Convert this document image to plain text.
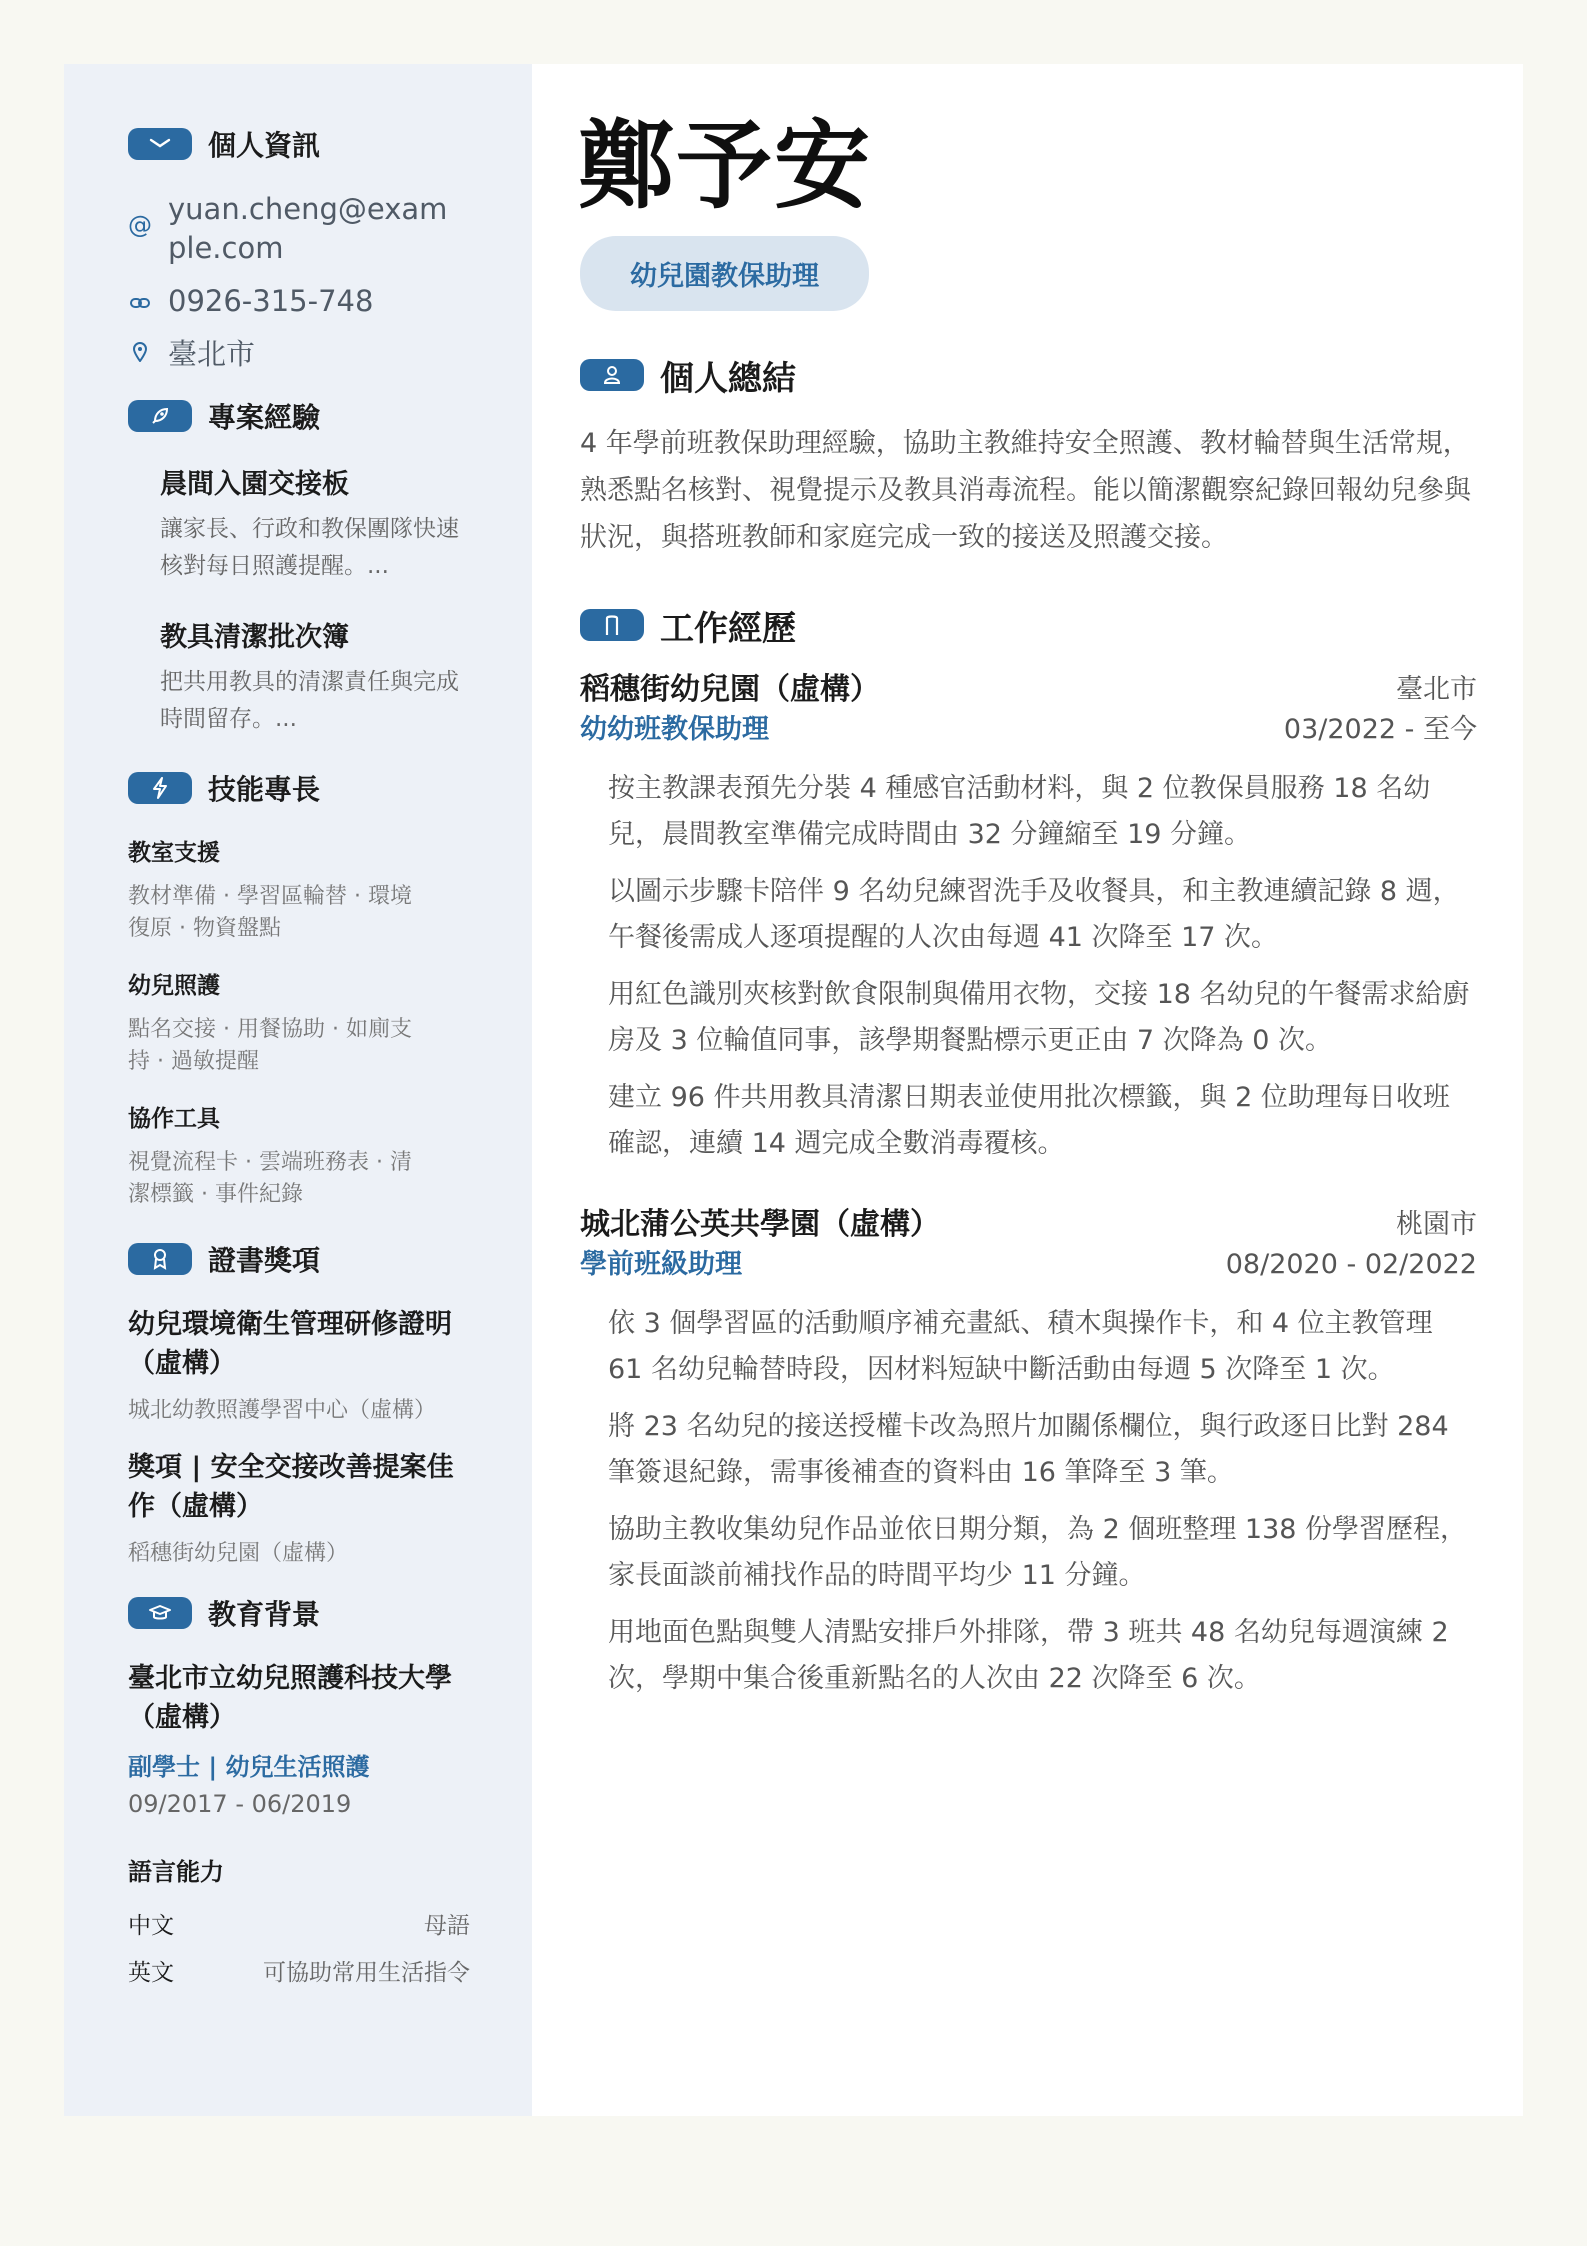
個人資訊
@ yuan.cheng@example.com
0926-315-748
臺北市
專案經驗
晨間入園交接板
讓家長、行政和教保團隊快速核對每日照護提醒。...
教具清潔批次簿
把共用教具的清潔責任與完成時間留存。...
技能專長
教室支援
教材準備 · 學習區輪替 · 環境復原 · 物資盤點
幼兒照護
點名交接 · 用餐協助 · 如廁支持 · 過敏提醒
協作工具
視覺流程卡 · 雲端班務表 · 清潔標籤 · 事件紀錄
證書獎項
幼兒環境衛生管理研修證明（虛構）
城北幼教照護學習中心（虛構）
獎項 | 安全交接改善提案佳作（虛構）
稻穗街幼兒園（虛構）
教育背景
臺北市立幼兒照護科技大學（虛構）
副學士 | 幼兒生活照護
09/2017 - 06/2019
語言能力
中文	母語
英文	可協助常用生活指令
鄭予安
幼兒園教保助理
個人總結
4 年學前班教保助理經驗，協助主教維持安全照護、教材輪替與生活常規，熟悉點名核對、視覺提示及教具消毒流程。能以簡潔觀察紀錄回報幼兒參與狀況，與搭班教師和家庭完成一致的接送及照護交接。
工作經歷
稻穗街幼兒園（虛構）
幼幼班教保助理
臺北市
03/2022 - 至今
按主教課表預先分裝 4 種感官活動材料，與 2 位教保員服務 18 名幼兒，晨間教室準備完成時間由 32 分鐘縮至 19 分鐘。
以圖示步驟卡陪伴 9 名幼兒練習洗手及收餐具，和主教連續記錄 8 週，午餐後需成人逐項提醒的人次由每週 41 次降至 17 次。
用紅色識別夾核對飲食限制與備用衣物，交接 18 名幼兒的午餐需求給廚房及 3 位輪值同事，該學期餐點標示更正由 7 次降為 0 次。
建立 96 件共用教具清潔日期表並使用批次標籤，與 2 位助理每日收班確認，連續 14 週完成全數消毒覆核。
城北蒲公英共學園（虛構）
學前班級助理
桃園市
08/2020 - 02/2022
依 3 個學習區的活動順序補充畫紙、積木與操作卡，和 4 位主教管理 61 名幼兒輪替時段，因材料短缺中斷活動由每週 5 次降至 1 次。
將 23 名幼兒的接送授權卡改為照片加關係欄位，與行政逐日比對 284 筆簽退紀錄，需事後補查的資料由 16 筆降至 3 筆。
協助主教收集幼兒作品並依日期分類，為 2 個班整理 138 份學習歷程，家長面談前補找作品的時間平均少 11 分鐘。
用地面色點與雙人清點安排戶外排隊，帶 3 班共 48 名幼兒每週演練 2 次，學期中集合後重新點名的人次由 22 次降至 6 次。
